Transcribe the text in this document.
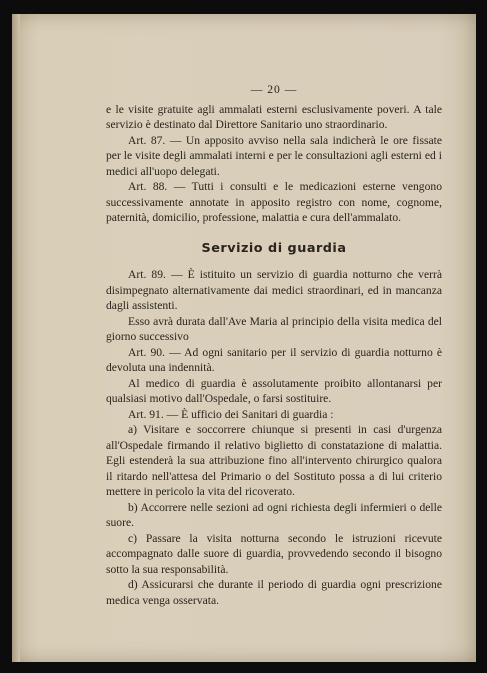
— 20 —

e le visite gratuite agli ammalati esterni esclusivamente poveri. A tale servizio è destinato dal Direttore Sanitario uno straordinario.

Art. 87. — Un apposito avviso nella sala indicherà le ore fissate per le visite degli ammalati interni e per le consultazioni agli esterni ed i medici all'uopo delegati.

Art. 88. — Tutti i consulti e le medicazioni esterne vengono successivamente annotate in apposito registro con nome, cognome, paternità, domicilio, professione, malattia e cura dell'ammalato.

Servizio di guardia

Art. 89. — È istituito un servizio di guardia notturno che verrà disimpegnato alternativamente dai medici straordinari, ed in mancanza dagli assistenti.

Esso avrà durata dall'Ave Maria al principio della visita medica del giorno successivo

Art. 90. — Ad ogni sanitario per il servizio di guardia notturno è devoluta una indennità.

Al medico di guardia è assolutamente proibito allontanarsi per qualsiasi motivo dall'Ospedale, o farsi sostituire.

Art. 91. — È ufficio dei Sanitari di guardia :

a) Visitare e soccorrere chiunque si presenti in casi d'urgenza all'Ospedale firmando il relativo biglietto di constatazione di malattia. Egli estenderà la sua attribuzione fino all'intervento chirurgico qualora il ritardo nell'attesa del Primario o del Sostituto possa a di lui criterio mettere in pericolo la vita del ricoverato.

b) Accorrere nelle sezioni ad ogni richiesta degli infermieri o delle suore.

c) Passare la visita notturna secondo le istruzioni ricevute accompagnato dalle suore di guardia, provvedendo secondo il bisogno sotto la sua responsabilità.

d) Assicurarsi che durante il periodo di guardia ogni prescrizione medica venga osservata.
